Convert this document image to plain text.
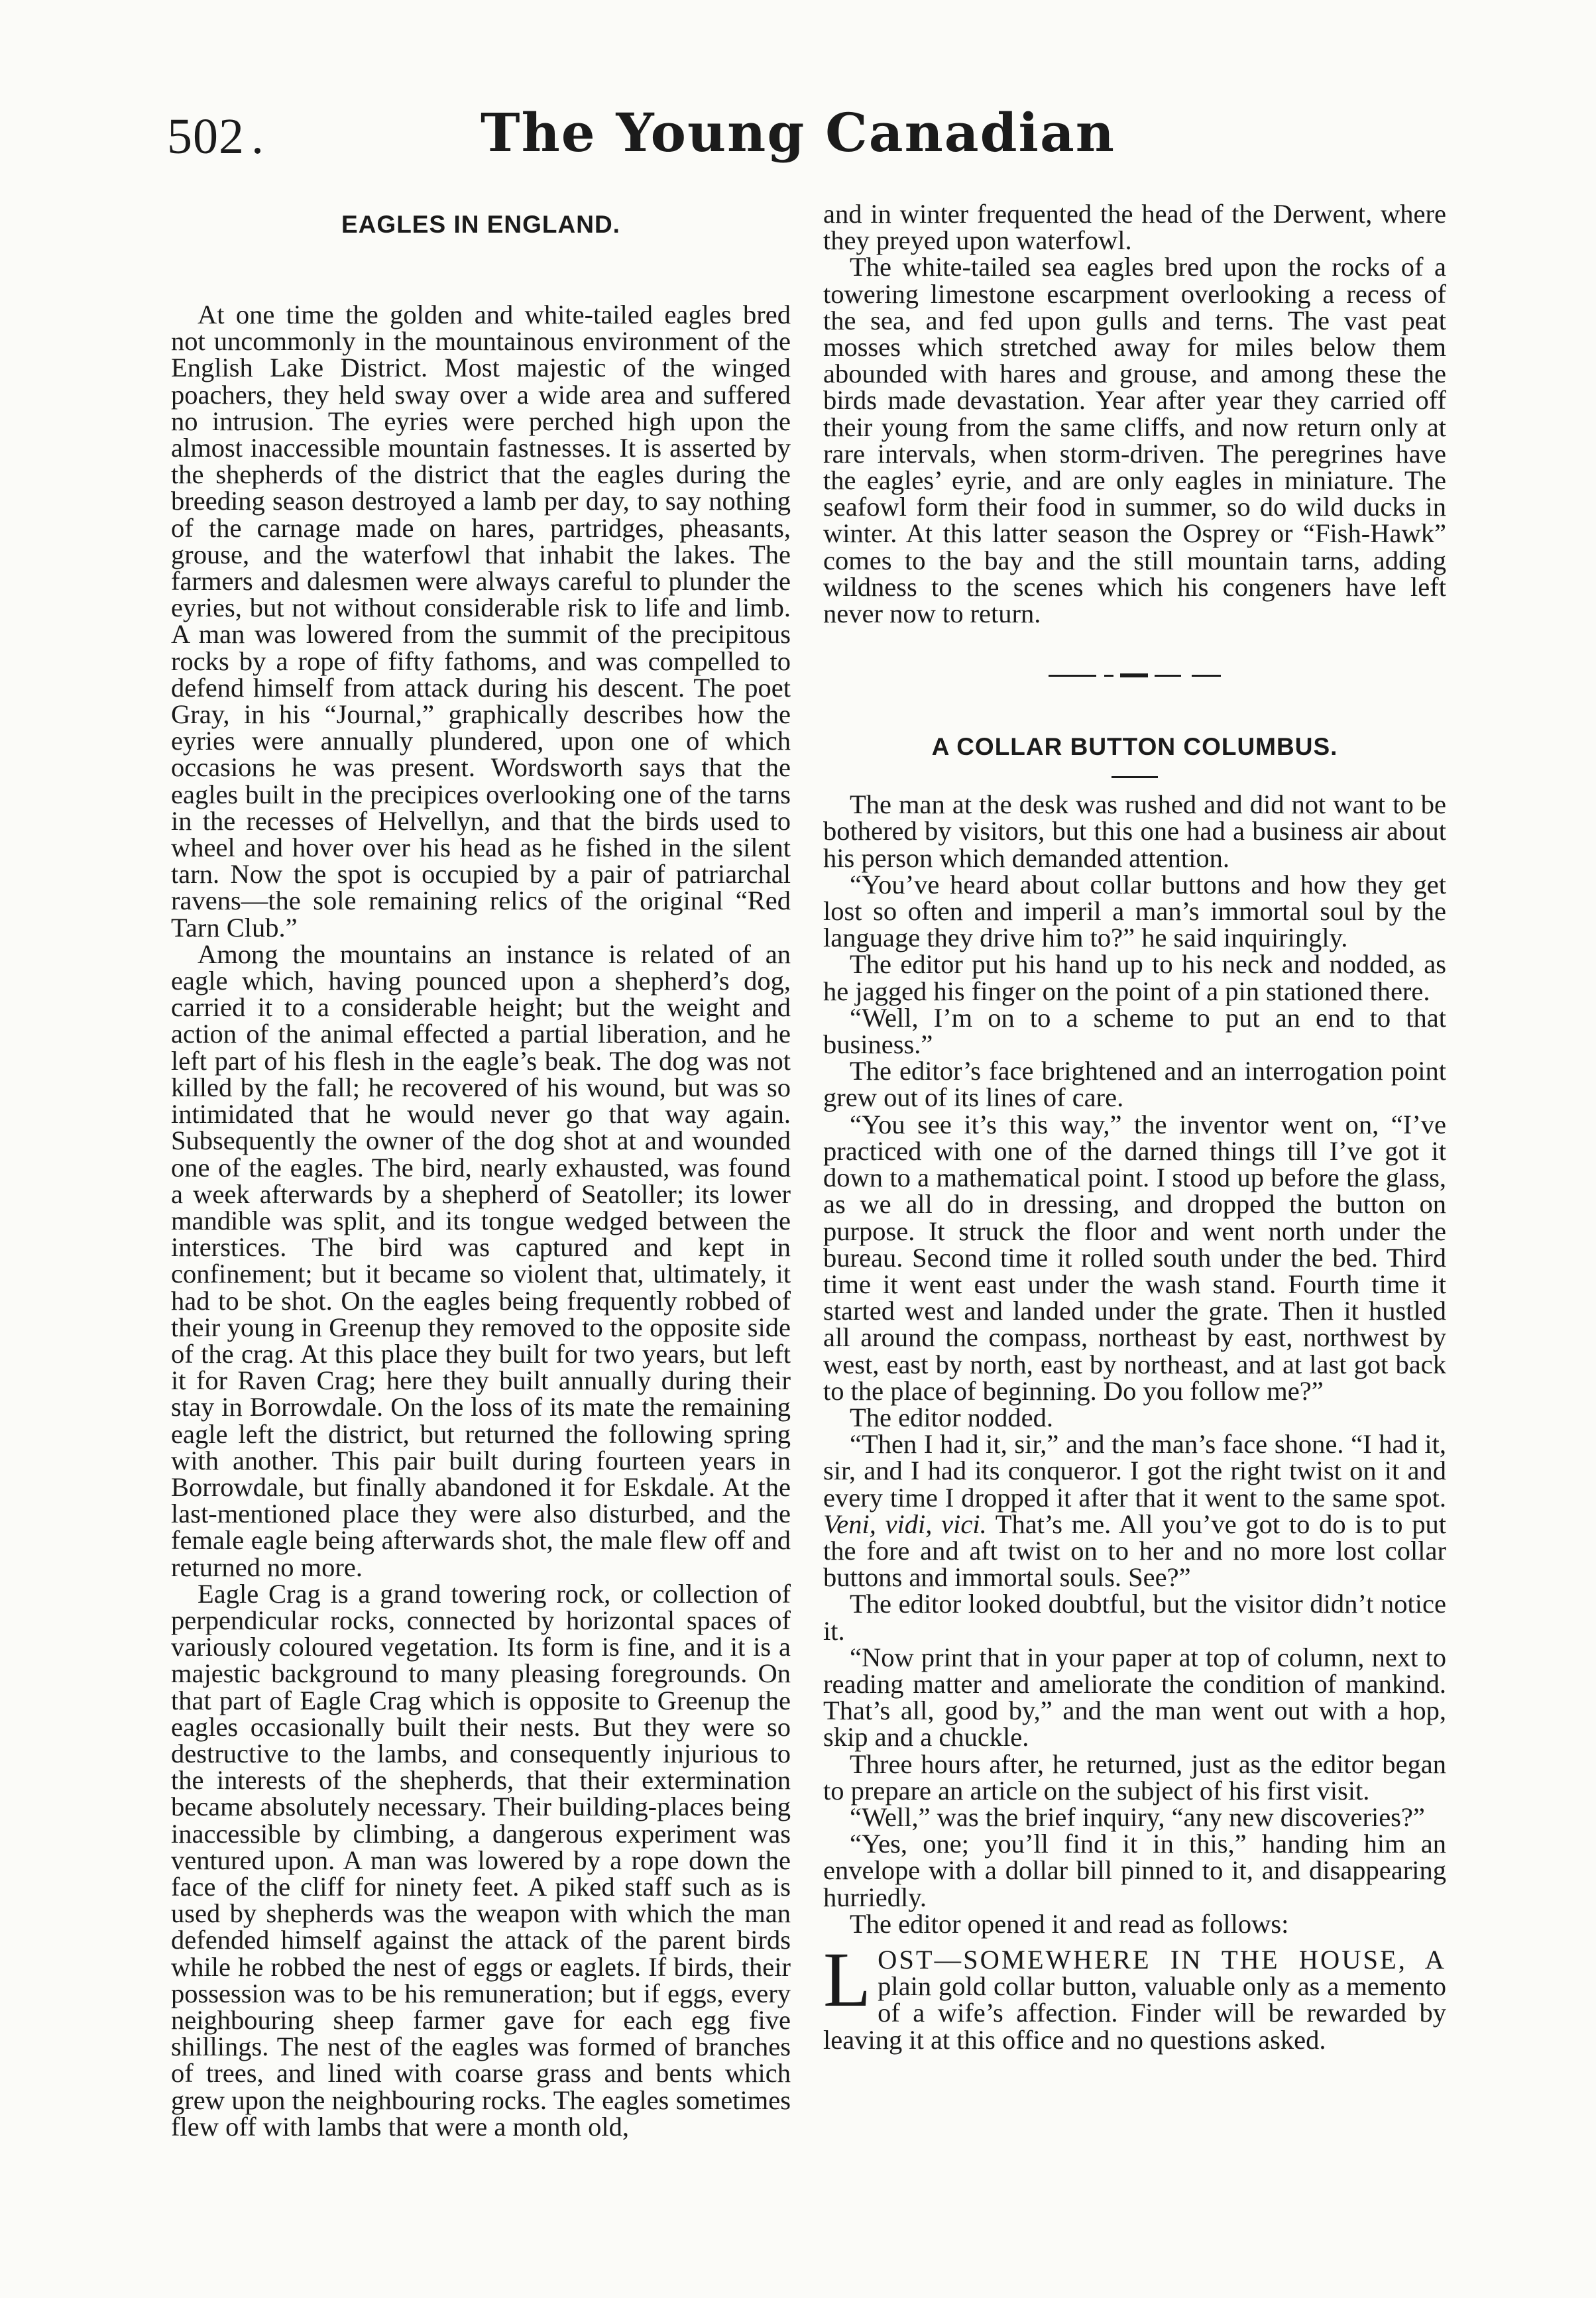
502 .	The Young Canadian
EAGLES IN ENGLAND.

At one time the golden and white-tailed eagles bred not uncommonly in the mountainous environment of the English Lake District. Most majestic of the winged poachers, they held sway over a wide area and suffered no intrusion. The eyries were perched high upon the almost inaccessible mountain fastnesses. It is asserted by the shepherds of the district that the eagles during the breeding season destroyed a lamb per day, to say nothing of the carnage made on hares, partridges, pheasants, grouse, and the waterfowl that inhabit the lakes. The farmers and dalesmen were always careful to plunder the eyries, but not without considerable risk to life and limb. A man was lowered from the summit of the precipitous rocks by a rope of fifty fathoms, and was compelled to defend himself from attack during his descent. The poet Gray, in his “Journal,” graphically describes how the eyries were annually plundered, upon one of which occasions he was present. Wordsworth says that the eagles built in the precipices overlooking one of the tarns in the recesses of Helvellyn, and that the birds used to wheel and hover over his head as he fished in the silent tarn. Now the spot is occupied by a pair of patriarchal ravens—the sole remaining relics of the original “Red Tarn Club.”

Among the mountains an instance is related of an eagle which, having pounced upon a shepherd’s dog, carried it to a considerable height; but the weight and action of the animal effected a partial liberation, and he left part of his flesh in the eagle’s beak. The dog was not killed by the fall; he recovered of his wound, but was so intimidated that he would never go that way again. Subsequently the owner of the dog shot at and wounded one of the eagles. The bird, nearly exhausted, was found a week afterwards by a shepherd of Seatoller; its lower mandible was split, and its tongue wedged between the interstices. The bird was captured and kept in confinement; but it became so violent that, ultimately, it had to be shot. On the eagles being frequently robbed of their young in Greenup they removed to the opposite side of the crag. At this place they built for two years, but left it for Raven Crag; here they built annually during their stay in Borrowdale. On the loss of its mate the remaining eagle left the district, but returned the following spring with another. This pair built during fourteen years in Borrowdale, but finally abandoned it for Eskdale. At the last-mentioned place they were also disturbed, and the female eagle being afterwards shot, the male flew off and returned no more.

Eagle Crag is a grand towering rock, or collection of perpendicular rocks, connected by horizontal spaces of variously coloured vegetation. Its form is fine, and it is a majestic background to many pleasing foregrounds. On that part of Eagle Crag which is opposite to Greenup the eagles occasionally built their nests. But they were so destructive to the lambs, and consequently injurious to the interests of the shepherds, that their extermination became absolutely necessary. Their building-places being inaccessible by climbing, a dangerous experiment was ventured upon. A man was lowered by a rope down the face of the cliff for ninety feet. A piked staff such as is used by shepherds was the weapon with which the man defended himself against the attack of the parent birds while he robbed the nest of eggs or eaglets. If birds, their possession was to be his remuneration; but if eggs, every neighbouring sheep farmer gave for each egg five shillings. The nest of the eagles was formed of branches of trees, and lined with coarse grass and bents which grew upon the neighbouring rocks. The eagles sometimes flew off with lambs that were a month old,

and in winter frequented the head of the Derwent, where they preyed upon waterfowl.

The white-tailed sea eagles bred upon the rocks of a towering limestone escarpment overlooking a recess of the sea, and fed upon gulls and terns. The vast peat mosses which stretched away for miles below them abounded with hares and grouse, and among these the birds made devastation. Year after year they carried off their young from the same cliffs, and now return only at rare intervals, when storm-driven. The peregrines have the eagles’ eyrie, and are only eagles in miniature. The seafowl form their food in summer, so do wild ducks in winter. At this latter season the Osprey or “Fish-Hawk” comes to the bay and the still mountain tarns, adding wildness to the scenes which his congeners have left never now to return.

A COLLAR BUTTON COLUMBUS.

The man at the desk was rushed and did not want to be bothered by visitors, but this one had a business air about his person which demanded attention.

“You’ve heard about collar buttons and how they get lost so often and imperil a man’s immortal soul by the language they drive him to?” he said inquiringly.

The editor put his hand up to his neck and nodded, as he jagged his finger on the point of a pin stationed there.

“Well, I’m on to a scheme to put an end to that business.”

The editor’s face brightened and an interrogation point grew out of its lines of care.

“You see it’s this way,” the inventor went on, “I’ve practiced with one of the darned things till I’ve got it down to a mathematical point. I stood up before the glass, as we all do in dressing, and dropped the button on purpose. It struck the floor and went north under the bureau. Second time it rolled south under the bed. Third time it went east under the wash stand. Fourth time it started west and landed under the grate. Then it hustled all around the compass, northeast by east, northwest by west, east by north, east by northeast, and at last got back to the place of beginning. Do you follow me?”

The editor nodded.

“Then I had it, sir,” and the man’s face shone. “I had it, sir, and I had its conqueror. I got the right twist on it and every time I dropped it after that it went to the same spot. Veni, vidi, vici. That’s me. All you’ve got to do is to put the fore and aft twist on to her and no more lost collar buttons and immortal souls. See?”

The editor looked doubtful, but the visitor didn’t notice it.

“Now print that in your paper at top of column, next to reading matter and ameliorate the condition of mankind. That’s all, good by,” and the man went out with a hop, skip and a chuckle.

Three hours after, he returned, just as the editor began to prepare an article on the subject of his first visit.

“Well,” was the brief inquiry, “any new discoveries?”

“Yes, one; you’ll find it in this,” handing him an envelope with a dollar bill pinned to it, and disappearing hurriedly.

The editor opened it and read as follows:

L OST—SOMEWHERE IN THE HOUSE, A plain gold collar button, valuable only as a memento of a wife’s affection. Finder will be rewarded by leaving it at this office and no questions asked.
